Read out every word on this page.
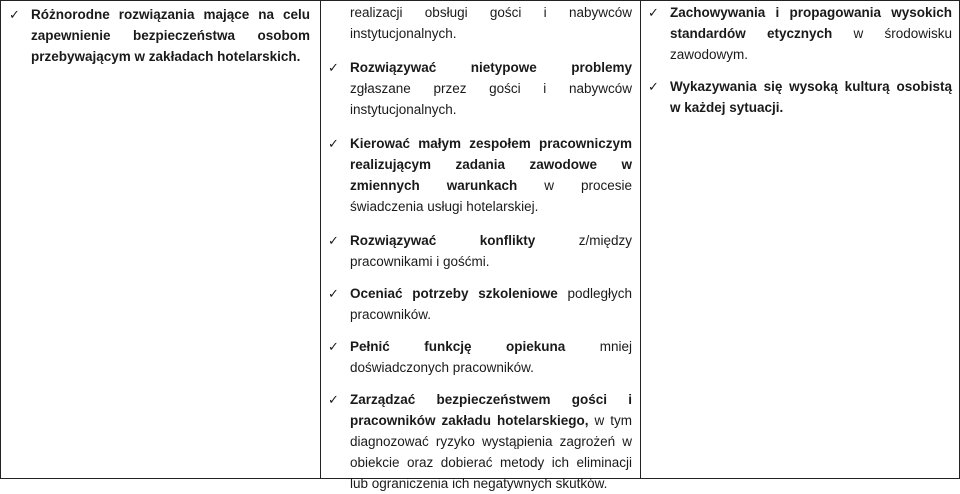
✓ Różnorodne rozwiązania mające na celu zapewnienie bezpieczeństwa osobom przebywającym w zakładach hotelarskich.
realizacji obsługi gości i nabywców instytucjonalnych.
✓ Rozwiązywać nietypowe problemy zgłaszane przez gości i nabywców instytucjonalnych.
✓ Kierować małym zespołem pracowniczym realizującym zadania zawodowe w zmiennych warunkach w procesie świadczenia usługi hotelarskiej.
✓ Rozwiązywać konflikty z/między pracownikami i gośćmi.
✓ Oceniać potrzeby szkoleniowe podległych pracowników.
✓ Pełnić funkcję opiekuna mniej doświadczonych pracowników.
✓ Zarządzać bezpieczeństwem gości i pracowników zakładu hotelarskiego, w tym diagnozować ryzyko wystąpienia zagrożeń w obiekcie oraz dobierać metody ich eliminacji lub ograniczenia ich negatywnych skutków.
✓ Zachowywania i propagowania wysokich standardów etycznych w środowisku zawodowym.
✓ Wykazywania się wysoką kulturą osobistą w każdej sytuacji.
